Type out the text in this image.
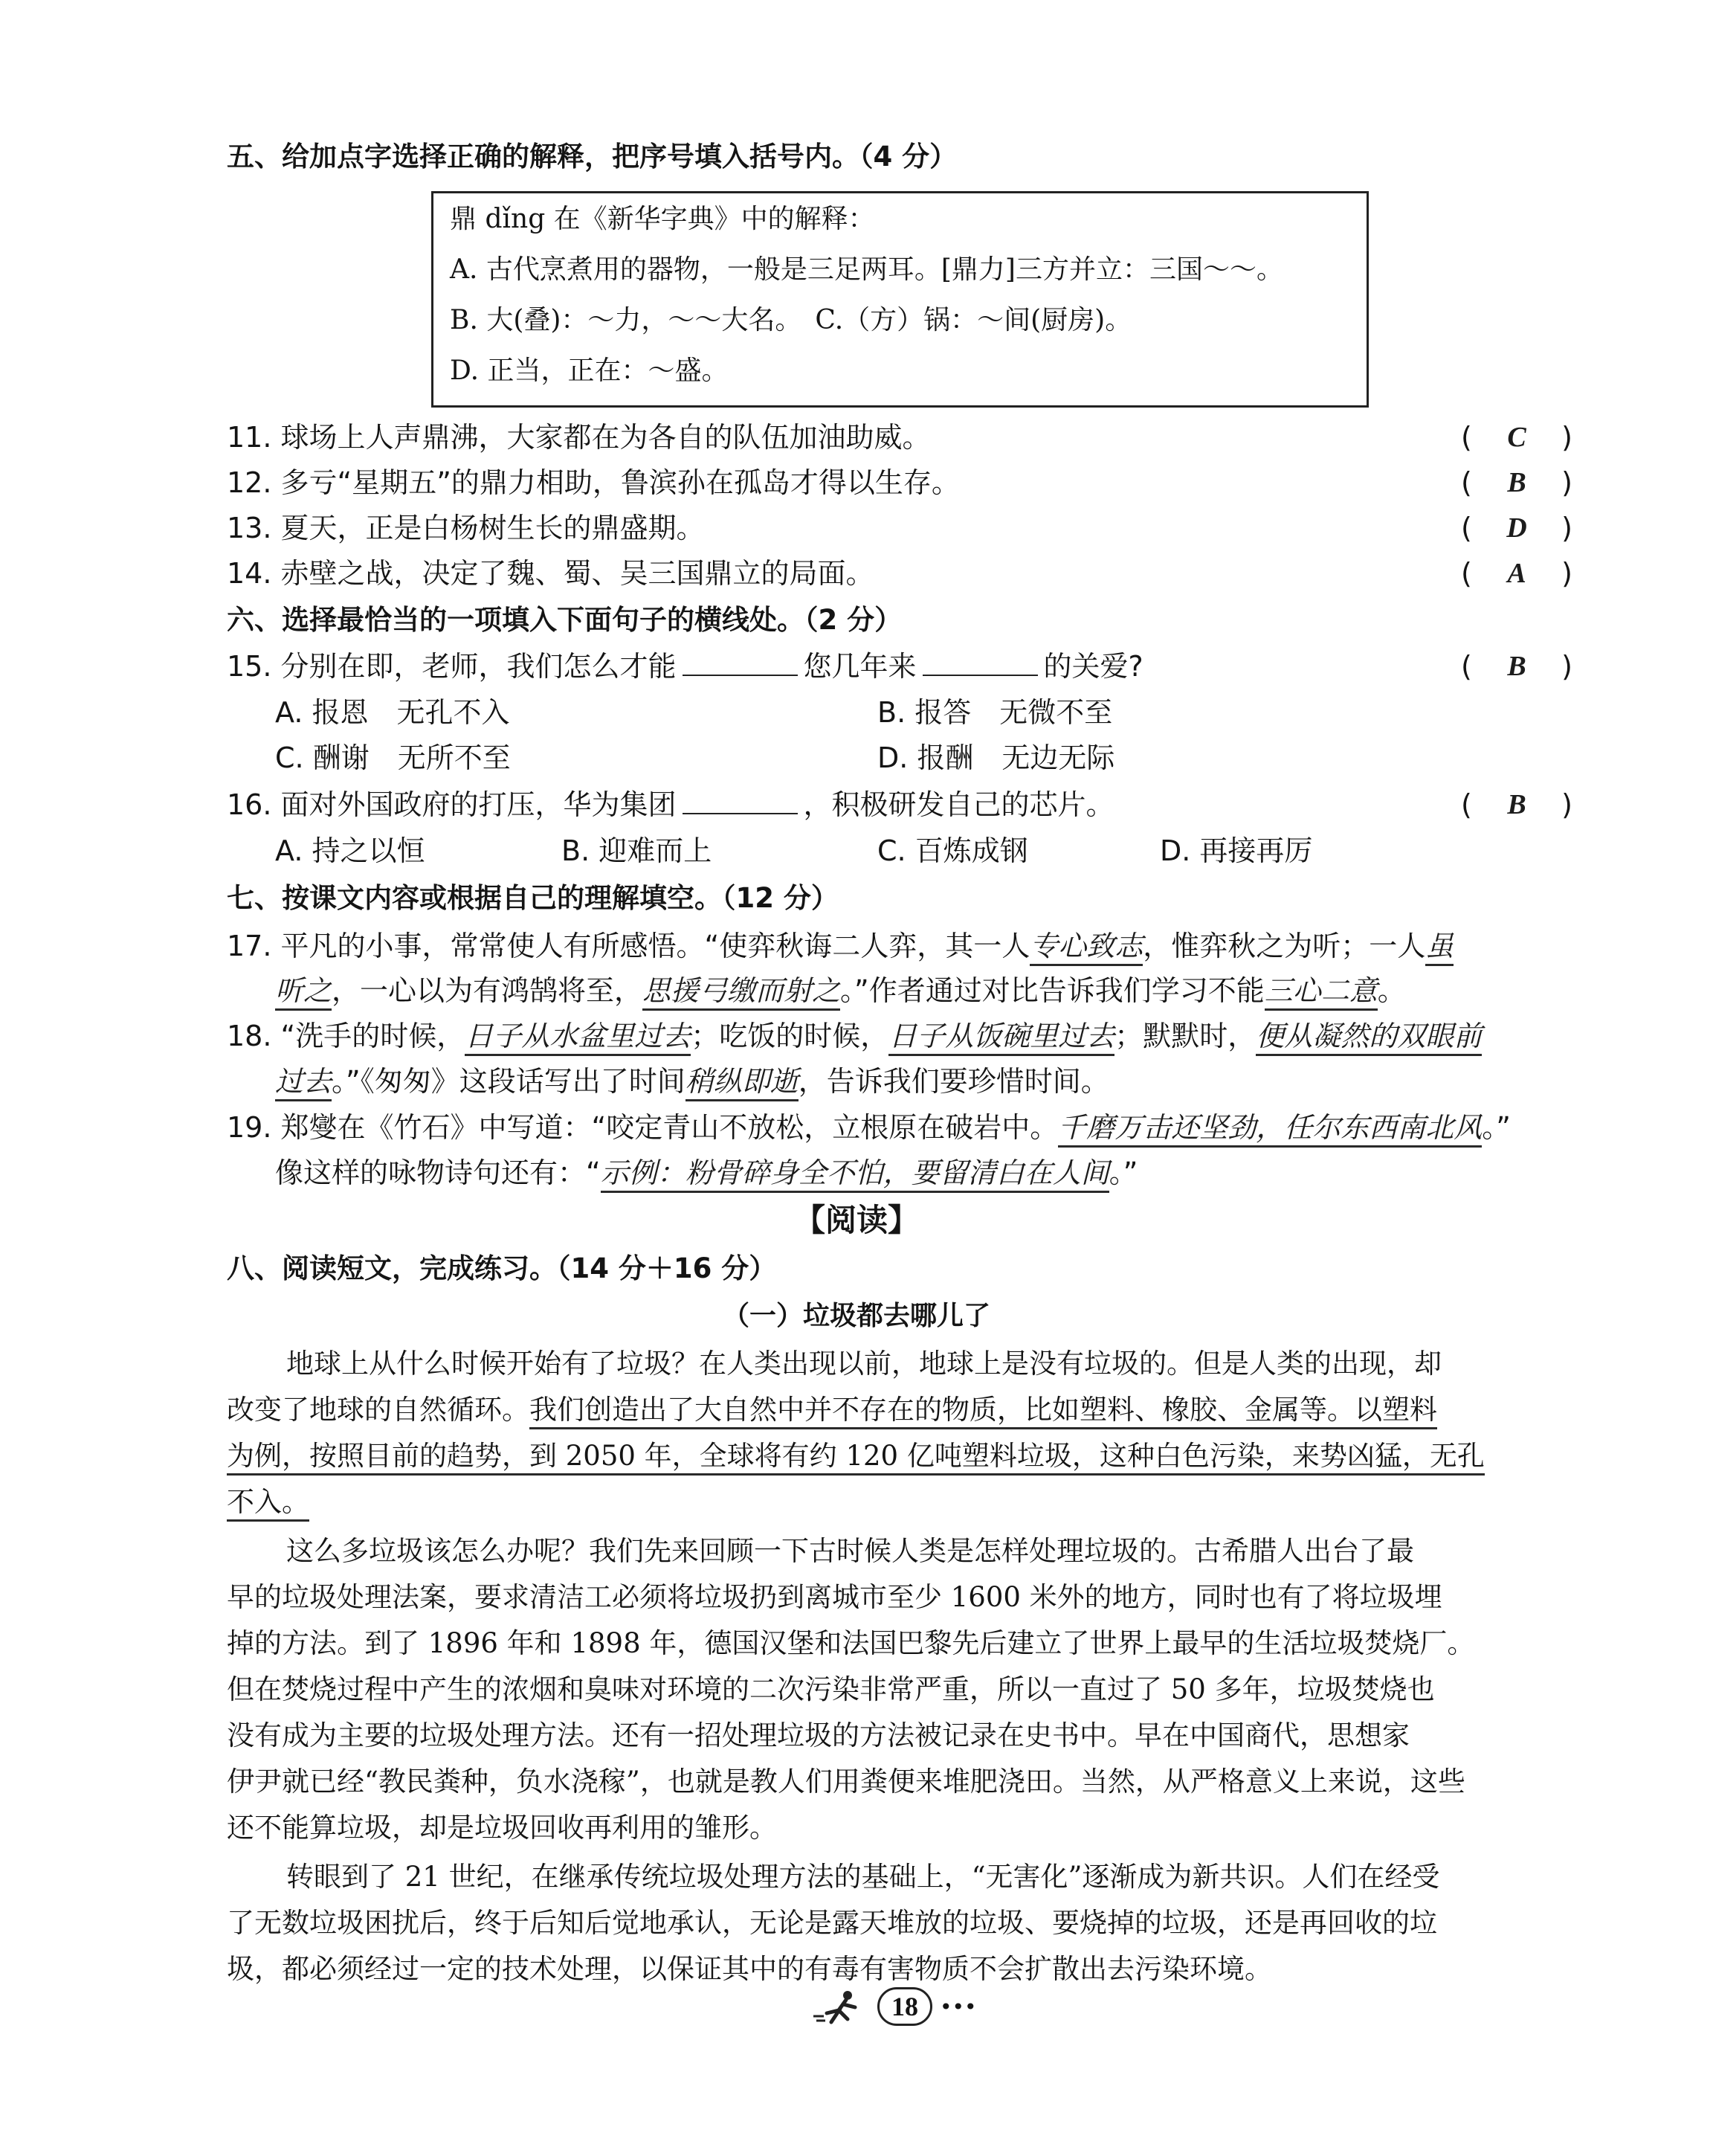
五、给加点字选择正确的解释，把序号填入括号内。（4 分）
鼎 dǐng 在《新华字典》中的解释：
A. 古代烹煮用的器物，一般是三足两耳。[鼎力]三方并立：三国～～。
B. 大(叠)：～力，～～大名。　C.（方）锅：～间(厨房)。
D. 正当，正在：～盛。
11. 球场上人声鼎沸，大家都在为各自的队伍加油助威。	( C )
12. 多亏“星期五”的鼎力相助，鲁滨孙在孤岛才得以生存。	( B )
13. 夏天，正是白杨树生长的鼎盛期。	( D )
14. 赤壁之战，决定了魏、蜀、吴三国鼎立的局面。	( A )
六、选择最恰当的一项填入下面句子的横线处。（2 分）
15. 分别在即，老师，我们怎么才能	您几年来	的关爱?	( B )
A. 报恩　无孔不入	B. 报答　无微不至
C. 酬谢　无所不至	D. 报酬　无边无际
16. 面对外国政府的打压，华为集团	，积极研发自己的芯片。	( B )
A. 持之以恒	B. 迎难而上	C. 百炼成钢	D. 再接再厉
七、按课文内容或根据自己的理解填空。（12 分）
17. 平凡的小事，常常使人有所感悟。“使弈秋诲二人弈，其一人专心致志，惟弈秋之为听；一人虽
听之，一心以为有鸿鹄将至，思援弓缴而射之。”作者通过对比告诉我们学习不能三心二意。
18. “洗手的时候，日子从水盆里过去；吃饭的时候，日子从饭碗里过去；默默时，便从凝然的双眼前
过去。”《匆匆》这段话写出了时间稍纵即逝，告诉我们要珍惜时间。
19. 郑燮在《竹石》中写道：“咬定青山不放松，立根原在破岩中。千磨万击还坚劲，任尔东西南北风。”
像这样的咏物诗句还有：“示例：粉骨碎身全不怕，要留清白在人间。”
【阅读】
八、阅读短文，完成练习。（14 分＋16 分）
（一）垃圾都去哪儿了
地球上从什么时候开始有了垃圾？在人类出现以前，地球上是没有垃圾的。但是人类的出现，却
改变了地球的自然循环。我们创造出了大自然中并不存在的物质，比如塑料、橡胶、金属等。以塑料
为例，按照目前的趋势，到 2050 年，全球将有约 120 亿吨塑料垃圾，这种白色污染，来势凶猛，无孔
不入。
这么多垃圾该怎么办呢？我们先来回顾一下古时候人类是怎样处理垃圾的。古希腊人出台了最
早的垃圾处理法案，要求清洁工必须将垃圾扔到离城市至少 1600 米外的地方，同时也有了将垃圾埋
掉的方法。到了 1896 年和 1898 年，德国汉堡和法国巴黎先后建立了世界上最早的生活垃圾焚烧厂。
但在焚烧过程中产生的浓烟和臭味对环境的二次污染非常严重，所以一直过了 50 多年，垃圾焚烧也
没有成为主要的垃圾处理方法。还有一招处理垃圾的方法被记录在史书中。早在中国商代，思想家
伊尹就已经“教民粪种，负水浇稼”，也就是教人们用粪便来堆肥浇田。当然，从严格意义上来说，这些
还不能算垃圾，却是垃圾回收再利用的雏形。
转眼到了 21 世纪，在继承传统垃圾处理方法的基础上，“无害化”逐渐成为新共识。人们在经受
了无数垃圾困扰后，终于后知后觉地承认，无论是露天堆放的垃圾、要烧掉的垃圾，还是再回收的垃
圾，都必须经过一定的技术处理，以保证其中的有毒有害物质不会扩散出去污染环境。
18	•••
